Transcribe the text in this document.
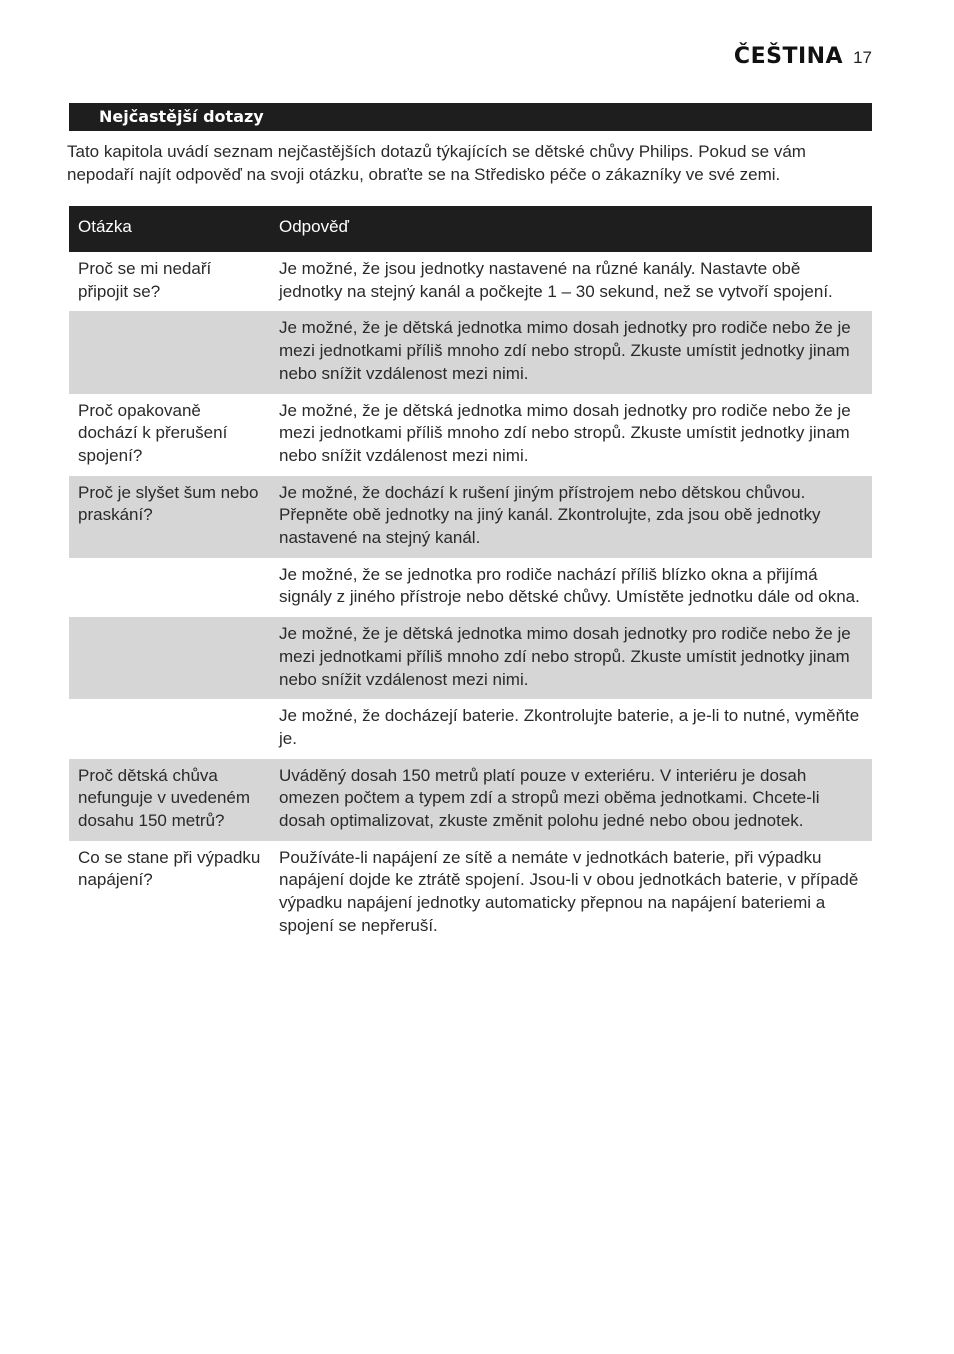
ČEŠTINA 17
Nejčastější dotazy

Tato kapitola uvádí seznam nejčastějších dotazů týkajících se dětské chůvy Philips. Pokud se vám nepodaří najít odpověď na svoji otázku, obraťte se na Středisko péče o zákazníky ve své zemi.

Otázka	Odpověď
Proč se mi nedaří připojit se?	Je možné, že jsou jednotky nastavené na různé kanály. Nastavte obě jednotky na stejný kanál a počkejte 1 – 30 sekund, než se vytvoří spojení.
	Je možné, že je dětská jednotka mimo dosah jednotky pro rodiče nebo že je mezi jednotkami příliš mnoho zdí nebo stropů. Zkuste umístit jednotky jinam nebo snížit vzdálenost mezi nimi.
Proč opakovaně dochází k přerušení spojení?	Je možné, že je dětská jednotka mimo dosah jednotky pro rodiče nebo že je mezi jednotkami příliš mnoho zdí nebo stropů. Zkuste umístit jednotky jinam nebo snížit vzdálenost mezi nimi.
Proč je slyšet šum nebo praskání?	Je možné, že dochází k rušení jiným přístrojem nebo dětskou chůvou. Přepněte obě jednotky na jiný kanál. Zkontrolujte, zda jsou obě jednotky nastavené na stejný kanál.
	Je možné, že se jednotka pro rodiče nachází příliš blízko okna a přijímá signály z jiného přístroje nebo dětské chůvy. Umístěte jednotku dále od okna.
	Je možné, že je dětská jednotka mimo dosah jednotky pro rodiče nebo že je mezi jednotkami příliš mnoho zdí nebo stropů. Zkuste umístit jednotky jinam nebo snížit vzdálenost mezi nimi.
	Je možné, že docházejí baterie. Zkontrolujte baterie, a je-li to nutné, vyměňte je.
Proč dětská chůva nefunguje v uvedeném dosahu 150 metrů?	Uváděný dosah 150 metrů platí pouze v exteriéru. V interiéru je dosah omezen počtem a typem zdí a stropů mezi oběma jednotkami. Chcete-li dosah optimalizovat, zkuste změnit polohu jedné nebo obou jednotek.
Co se stane při výpadku napájení?	Používáte-li napájení ze sítě a nemáte v jednotkách baterie, při výpadku napájení dojde ke ztrátě spojení. Jsou-li v obou jednotkách baterie, v případě výpadku napájení jednotky automaticky přepnou na napájení bateriemi a spojení se nepřeruší.
